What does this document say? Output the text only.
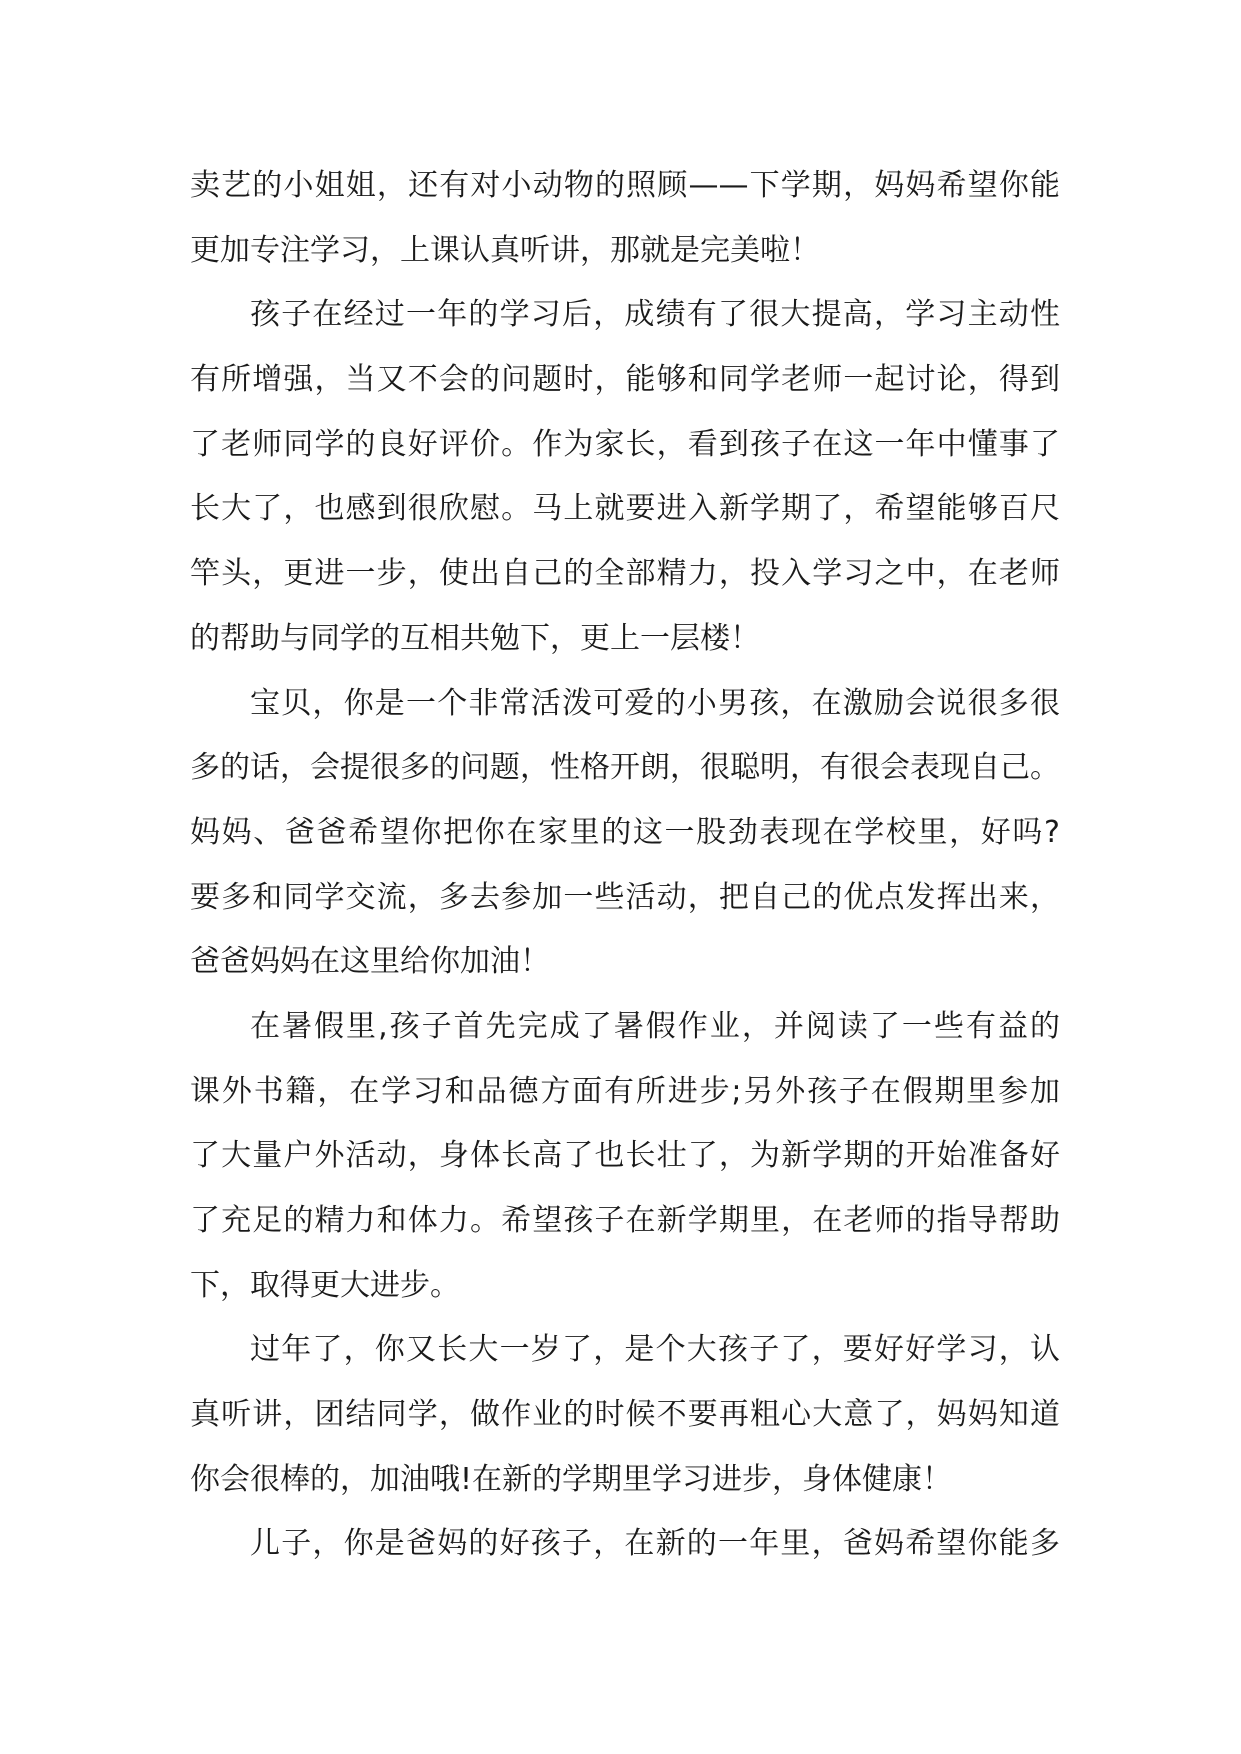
卖艺的小姐姐，还有对小动物的照顾——下学期，妈妈希望你能
更加专注学习，上课认真听讲，那就是完美啦！
孩子在经过一年的学习后，成绩有了很大提高，学习主动性
有所增强，当又不会的问题时，能够和同学老师一起讨论，得到
了老师同学的良好评价。作为家长，看到孩子在这一年中懂事了
长大了，也感到很欣慰。马上就要进入新学期了，希望能够百尺
竿头，更进一步，使出自己的全部精力，投入学习之中，在老师
的帮助与同学的互相共勉下，更上一层楼！
宝贝，你是一个非常活泼可爱的小男孩，在激励会说很多很
多的话，会提很多的问题，性格开朗，很聪明，有很会表现自己。
妈妈、爸爸希望你把你在家里的这一股劲表现在学校里，好吗?
要多和同学交流，多去参加一些活动，把自己的优点发挥出来，
爸爸妈妈在这里给你加油！
在暑假里,孩子首先完成了暑假作业，并阅读了一些有益的
课外书籍，在学习和品德方面有所进步;另外孩子在假期里参加
了大量户外活动，身体长高了也长壮了，为新学期的开始准备好
了充足的精力和体力。希望孩子在新学期里，在老师的指导帮助
下，取得更大进步。
过年了，你又长大一岁了，是个大孩子了，要好好学习，认
真听讲，团结同学，做作业的时候不要再粗心大意了，妈妈知道
你会很棒的，加油哦!在新的学期里学习进步，身体健康！
儿子，你是爸妈的好孩子，在新的一年里，爸妈希望你能多
